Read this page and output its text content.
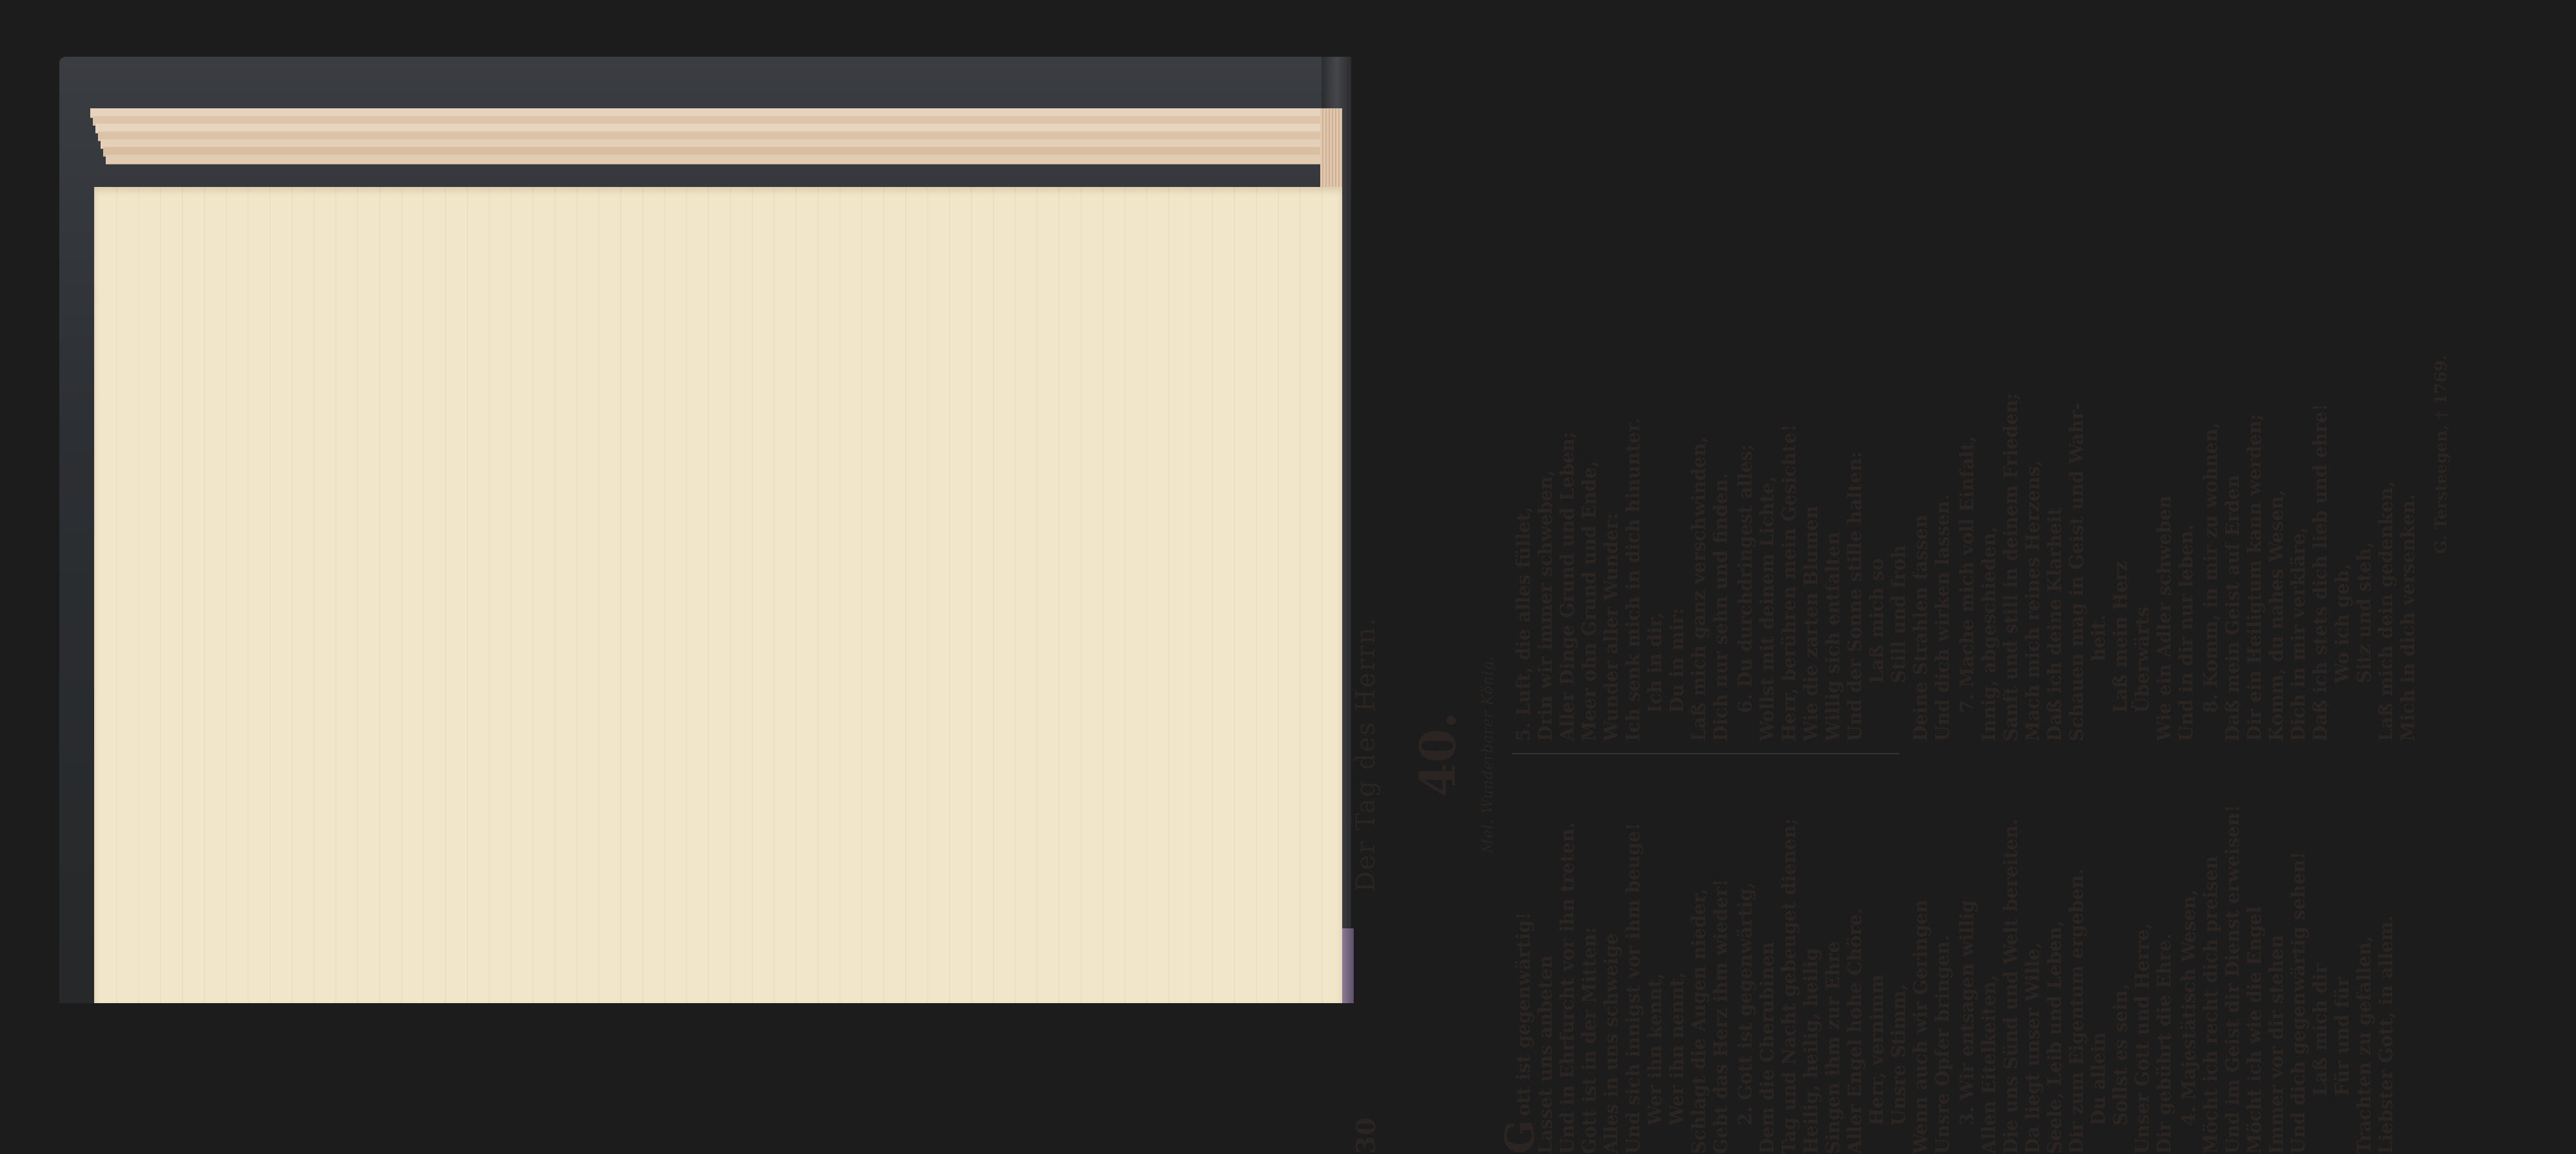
30
Der Tag des Herrn. 40. Mel. Wunderbarer König.
G
ott ist gegenwärtig! Lasset uns anbeten Und in Ehrfurcht vor ihn treten. Gott ist in der Mitten: Alles in uns schweige Und sich innigst vor ihm beuge! Wer ihn kennt, Wer ihn nennt, Schlagt die Augen nieder, Gebt das Herz ihm wieder! 2. Gott ist gegenwärtig, Dem die Cherubinen Tag und Nacht gebeuget dienen; Heilig, heilig, heilig Singen ihm zur Ehre Aller Engel hohe Chöre. Herr, vernimm Unsre Stimm, Wenn auch wir Geringen Unsre Opfer bringen. 3. Wir entsagen willig Allen Eitelkeiten, Die uns Sünd und Welt bereiten. Da liegt unser Wille, Seele, Leib und Leben, Dir zum Eigentum ergeben. Du allein Sollst es sein, Unser Gott und Herre, Dir gebührt die Ehre. 4. Majestätisch Wesen, Möcht ich recht dich preisen Und im Geist dir Dienst erweisen! Möcht ich wie die Engel Immer vor dir stehen Und dich gegenwärtig sehen! Laß mich dir Für und für Trachten zu gefallen, Liebster Gott, in allem.
5. Luft, die alles füllet, Drin wir immer schweben, Aller Dinge Grund und Leben; Meer ohn Grund und Ende, Wunder aller Wunder: Ich senk mich in dich hinunter. Ich in dir, Du in mir: Laß mich ganz verschwinden, Dich nur sehn und finden. 6. Du durchdringest alles; Wollst mit deinem Lichte, Herr, berühren mein Gesichte! Wie die zarten Blumen Willig sich entfalten Und der Sonne stille halten: Laß mich so Still und froh Deine Strahlen fassen Und dich wirken lassen. 7. Mache mich voll Einfalt, Innig, abgeschieden, Sanft und still in deinem Frieden; Mach mich reines Herzens, Daß ich deine Klarheit Schauen mag in Geist und Wahr- heit. Laß mein Herz Überwärts Wie ein Adler schweben Und in dir nur leben. 8. Komm, in mir zu wohnen, Daß mein Geist auf Erden Dir ein Heiligtum kann werden; Komm, du nahes Wesen, Dich in mir verkläre, Daß ich stets dich lieb und ehre! Wo ich geh, Sitz und steh, Laß mich dein gedenken, Mich in dich versenken.
G. Tersteegen, † 1769.
